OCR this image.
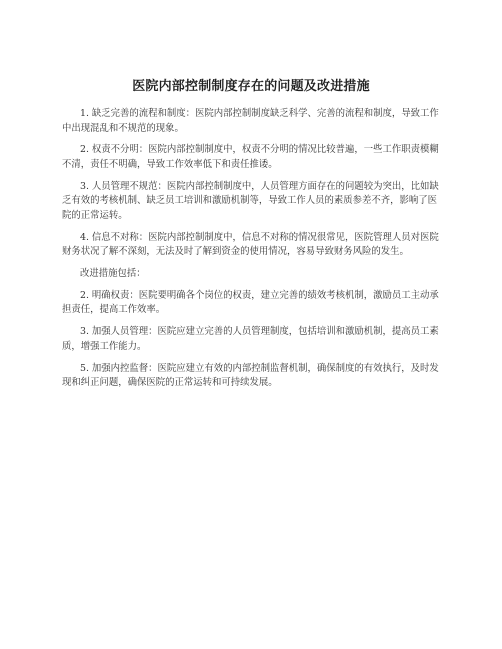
医院内部控制制度存在的问题及改进措施

1. 缺乏完善的流程和制度：医院内部控制制度缺乏科学、完善的流程和制度，导致工作中出现混乱和不规范的现象。

2. 权责不分明：医院内部控制制度中，权责不分明的情况比较普遍，一些工作职责模糊不清，责任不明确，导致工作效率低下和责任推诿。

3. 人员管理不规范：医院内部控制制度中，人员管理方面存在的问题较为突出，比如缺乏有效的考核机制、缺乏员工培训和激励机制等，导致工作人员的素质参差不齐，影响了医院的正常运转。

4. 信息不对称：医院内部控制制度中，信息不对称的情况很常见，医院管理人员对医院财务状况了解不深刻，无法及时了解到资金的使用情况，容易导致财务风险的发生。

改进措施包括：

2. 明确权责：医院要明确各个岗位的权责，建立完善的绩效考核机制，激励员工主动承担责任，提高工作效率。

3. 加强人员管理：医院应建立完善的人员管理制度，包括培训和激励机制，提高员工素质，增强工作能力。

5. 加强内控监督：医院应建立有效的内部控制监督机制，确保制度的有效执行，及时发现和纠正问题，确保医院的正常运转和可持续发展。
